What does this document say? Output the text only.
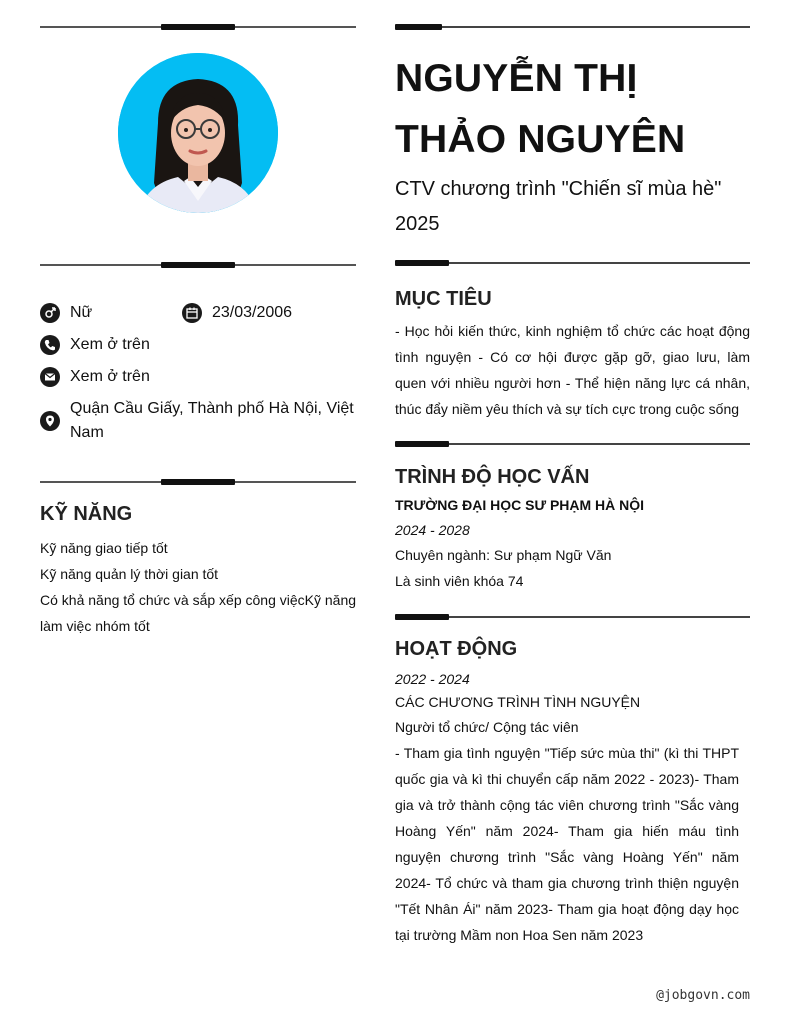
Nữ	23/03/2006
Xem ở trên
Xem ở trên
Quận Cầu Giấy, Thành phố Hà Nội, Việt Nam
KỸ NĂNG
Kỹ năng giao tiếp tốt
Kỹ năng quản lý thời gian tốt
Có khả năng tổ chức và sắp xếp công việcKỹ năng làm việc nhóm tốt
NGUYỄN THỊ THẢO NGUYÊN
CTV chương trình "Chiến sĩ mùa hè" 2025
MỤC TIÊU
- Học hỏi kiến thức, kinh nghiệm tổ chức các hoạt động tình nguyện - Có cơ hội được gặp gỡ, giao lưu, làm quen với nhiều người hơn - Thể hiện năng lực cá nhân, thúc đẩy niềm yêu thích và sự tích cực trong cuộc sống
TRÌNH ĐỘ HỌC VẤN
TRƯỜNG ĐẠI HỌC SƯ PHẠM HÀ NỘI
2024 - 2028
Chuyên ngành: Sư phạm Ngữ Văn
Là sinh viên khóa 74
HOẠT ĐỘNG
2022 - 2024
CÁC CHƯƠNG TRÌNH TÌNH NGUYỆN
Người tổ chức/ Cộng tác viên
- Tham gia tình nguyện "Tiếp sức mùa thi" (kì thi THPT quốc gia và kì thi chuyển cấp năm 2022 - 2023)- Tham gia và trở thành cộng tác viên chương trình "Sắc vàng Hoàng Yến" năm 2024- Tham gia hiến máu tình nguyện chương trình "Sắc vàng Hoàng Yến" năm 2024- Tổ chức và tham gia chương trình thiện nguyện "Tết Nhân Ái" năm 2023- Tham gia hoạt động dạy học tại trường Mầm non Hoa Sen năm 2023
@jobgovn.com
